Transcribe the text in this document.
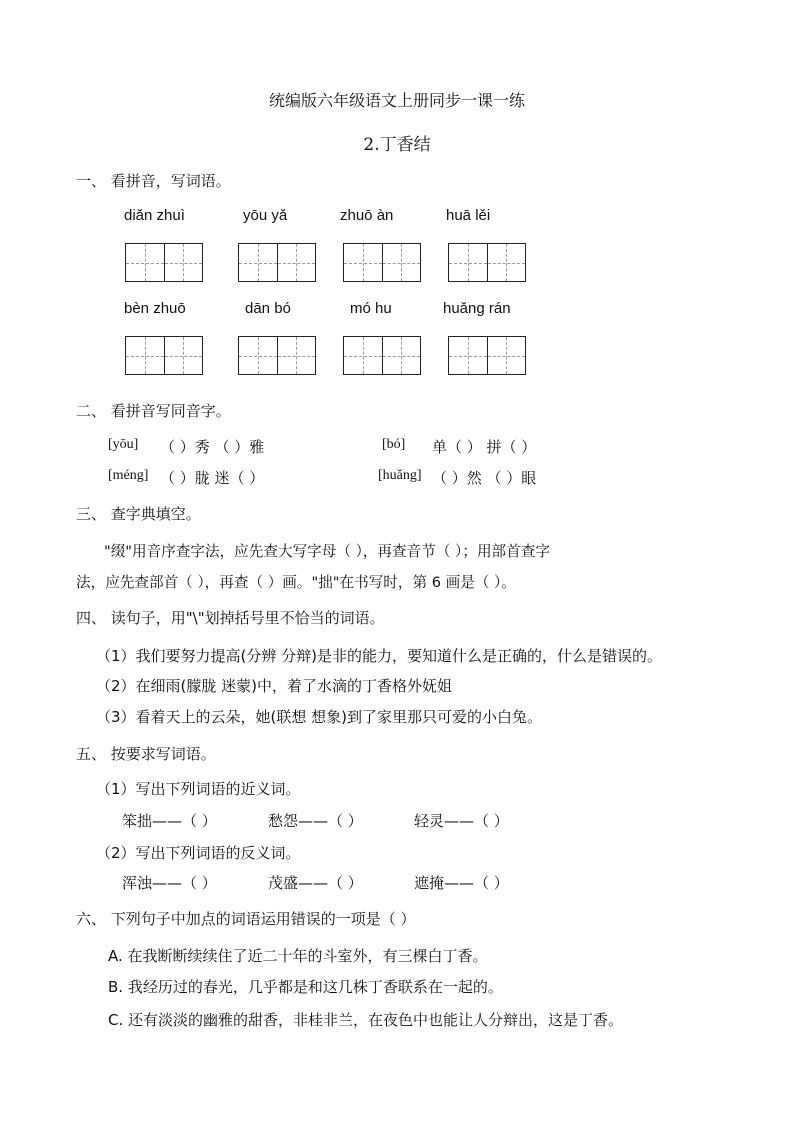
统编版六年级语文上册同步一课一练
2.丁香结
一、 看拼音，写词语。
diǎn zhuì	yōu yǎ	zhuō àn	huā lěi
bèn zhuō	dān bó	mó hu	huǎng rán
二、 看拼音写同音字。
[yōu] （ ）秀 （ ）雅	[bó] 单（ ） 拼（ ）
[méng] （ ）胧 迷（ ）	[huǎng] （ ）然 （ ）眼
三、 查字典填空。
"缀"用音序查字法，应先查大写字母（ ），再查音节（ ）；用部首查字
法，应先查部首（ ），再查（ ）画。"拙"在书写时，第 6 画是（ ）。
四、 读句子，用"\"划掉括号里不恰当的词语。
（1）我们要努力提高(分辨 分辩)是非的能力，要知道什么是正确的，什么是错误的。
（2）在细雨(朦胧 迷蒙)中，着了水滴的丁香格外妩姐
（3）看着天上的云朵，她(联想 想象)到了家里那只可爱的小白兔。
五、 按要求写词语。
（1）写出下列词语的近义词。
笨拙——（ ）	愁怨——（ ）	轻灵——（ ）
（2）写出下列词语的反义词。
浑浊——（ ）	茂盛——（ ）	遮掩——（ ）
六、 下列句子中加点的词语运用错误的一项是（ ）
A. 在我断断续续住了近二十年的斗室外，有三棵白丁香。
B. 我经历过的春光，几乎都是和这几株丁香联系在一起的。
C. 还有淡淡的幽雅的甜香，非桂非兰，在夜色中也能让人分辩出，这是丁香。
